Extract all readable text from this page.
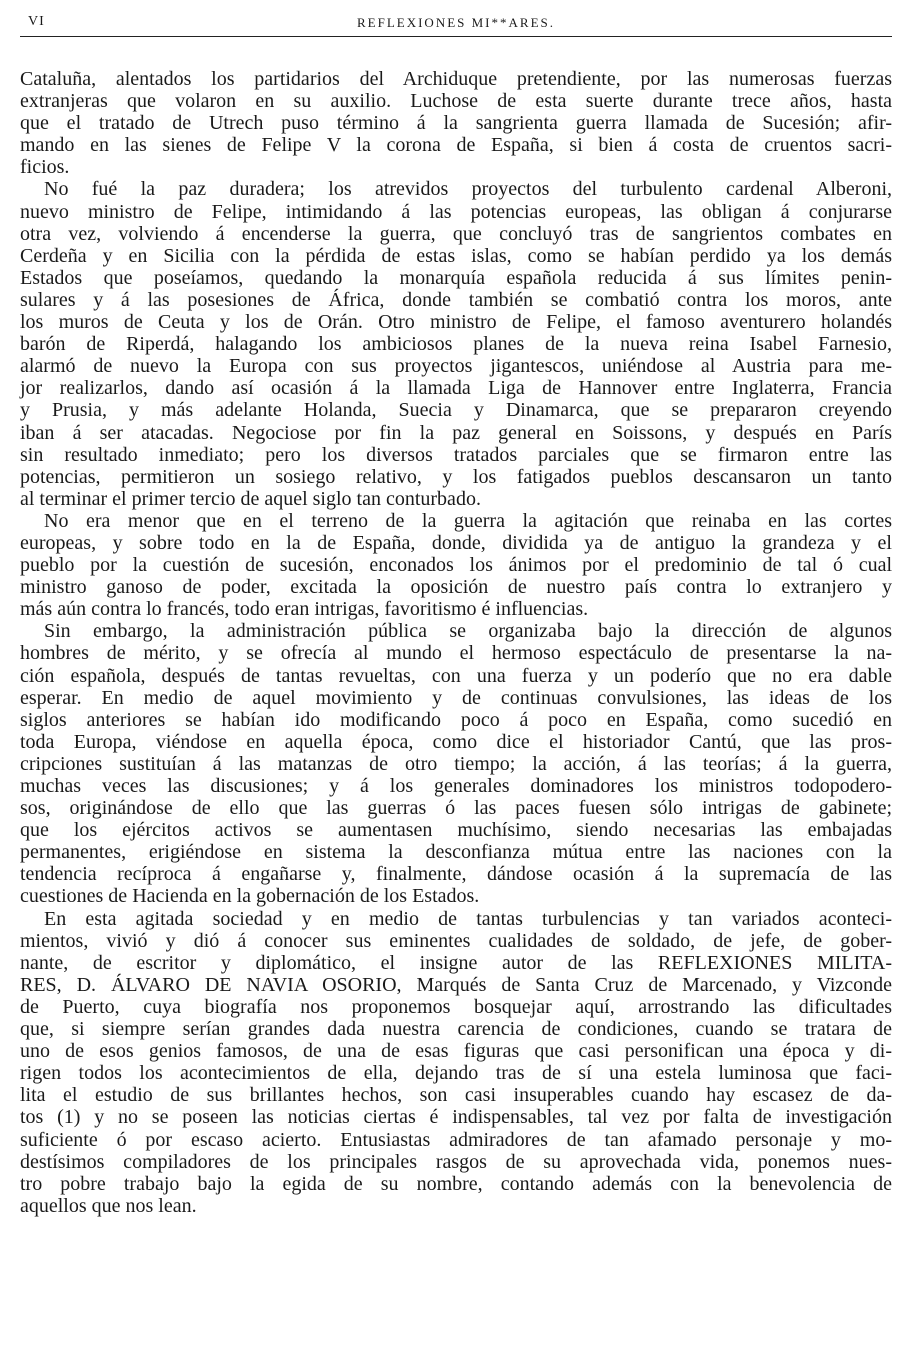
VI	REFLEXIONES MI**ARES.

Cataluña, alentados los partidarios del Archiduque pretendiente, por las numerosas fuerzas

extranjeras que volaron en su auxilio. Luchose de esta suerte durante trece años, hasta

que el tratado de Utrech puso término á la sangrienta guerra llamada de Sucesión; afir-

mando en las sienes de Felipe V la corona de España, si bien á costa de cruentos sacri-

ficios.

No fué la paz duradera; los atrevidos proyectos del turbulento cardenal Alberoni,

nuevo ministro de Felipe, intimidando á las potencias europeas, las obligan á conjurarse

otra vez, volviendo á encenderse la guerra, que concluyó tras de sangrientos combates en

Cerdeña y en Sicilia con la pérdida de estas islas, como se habían perdido ya los demás

Estados que poseíamos, quedando la monarquía española reducida á sus límites penin-

sulares y á las posesiones de África, donde también se combatió contra los moros, ante

los muros de Ceuta y los de Orán. Otro ministro de Felipe, el famoso aventurero holandés

barón de Riperdá, halagando los ambiciosos planes de la nueva reina Isabel Farnesio,

alarmó de nuevo la Europa con sus proyectos jigantescos, uniéndose al Austria para me-

jor realizarlos, dando así ocasión á la llamada Liga de Hannover entre Inglaterra, Francia

y Prusia, y más adelante Holanda, Suecia y Dinamarca, que se prepararon creyendo

iban á ser atacadas. Negociose por fin la paz general en Soissons, y después en París

sin resultado inmediato; pero los diversos tratados parciales que se firmaron entre las

potencias, permitieron un sosiego relativo, y los fatigados pueblos descansaron un tanto

al terminar el primer tercio de aquel siglo tan conturbado.

No era menor que en el terreno de la guerra la agitación que reinaba en las cortes

europeas, y sobre todo en la de España, donde, dividida ya de antiguo la grandeza y el

pueblo por la cuestión de sucesión, enconados los ánimos por el predominio de tal ó cual

ministro ganoso de poder, excitada la oposición de nuestro país contra lo extranjero y

más aún contra lo francés, todo eran intrigas, favoritismo é influencias.

Sin embargo, la administración pública se organizaba bajo la dirección de algunos

hombres de mérito, y se ofrecía al mundo el hermoso espectáculo de presentarse la na-

ción española, después de tantas revueltas, con una fuerza y un poderío que no era dable

esperar. En medio de aquel movimiento y de continuas convulsiones, las ideas de los

siglos anteriores se habían ido modificando poco á poco en España, como sucedió en

toda Europa, viéndose en aquella época, como dice el historiador Cantú, que las pros-

cripciones sustituían á las matanzas de otro tiempo; la acción, á las teorías; á la guerra,

muchas veces las discusiones; y á los generales dominadores los ministros todopodero-

sos, originándose de ello que las guerras ó las paces fuesen sólo intrigas de gabinete;

que los ejércitos activos se aumentasen muchísimo, siendo necesarias las embajadas

permanentes, erigiéndose en sistema la desconfianza mútua entre las naciones con la

tendencia recíproca á engañarse y, finalmente, dándose ocasión á la supremacía de las

cuestiones de Hacienda en la gobernación de los Estados.

En esta agitada sociedad y en medio de tantas turbulencias y tan variados aconteci-

mientos, vivió y dió á conocer sus eminentes cualidades de soldado, de jefe, de gober-

nante, de escritor y diplomático, el insigne autor de las REFLEXIONES MILITA-

RES, D. ÁLVARO DE NAVIA OSORIO, Marqués de Santa Cruz de Marcenado, y Vizconde

de Puerto, cuya biografía nos proponemos bosquejar aquí, arrostrando las dificultades

que, si siempre serían grandes dada nuestra carencia de condiciones, cuando se tratara de

uno de esos genios famosos, de una de esas figuras que casi personifican una época y di-

rigen todos los acontecimientos de ella, dejando tras de sí una estela luminosa que faci-

lita el estudio de sus brillantes hechos, son casi insuperables cuando hay escasez de da-

tos (1) y no se poseen las noticias ciertas é indispensables, tal vez por falta de investigación

suficiente ó por escaso acierto. Entusiastas admiradores de tan afamado personaje y mo-

destísimos compiladores de los principales rasgos de su aprovechada vida, ponemos nues-

tro pobre trabajo bajo la egida de su nombre, contando además con la benevolencia de

aquellos que nos lean.
